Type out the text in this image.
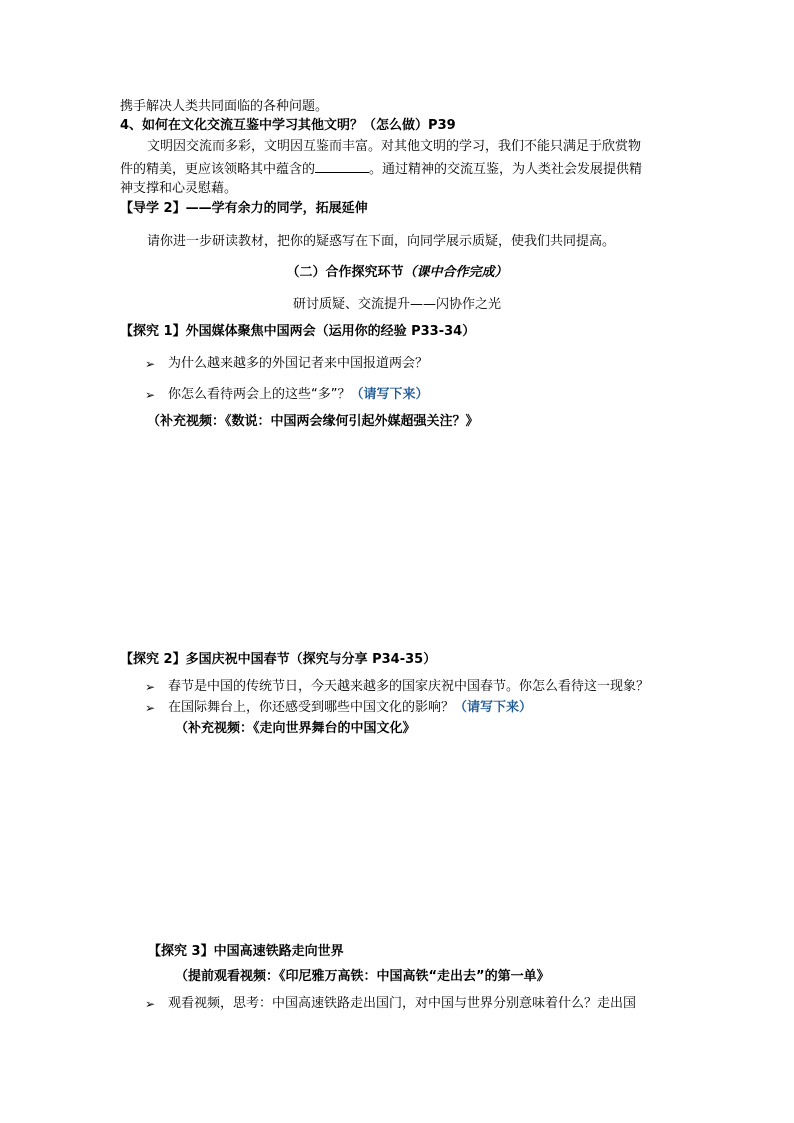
携手解决人类共同面临的各种问题。
4、如何在文化交流互鉴中学习其他文明？（怎么做）P39
文明因交流而多彩，文明因互鉴而丰富。对其他文明的学习，我们不能只满足于欣赏物
件的精美，更应该领略其中蕴含的	。通过精神的交流互鉴，为人类社会发展提供精
神支撑和心灵慰藉。
【导学 2】——学有余力的同学，拓展延伸
请你进一步研读教材，把你的疑惑写在下面，向同学展示质疑，使我们共同提高。
（二）合作探究环节（课中合作完成）
研讨质疑、交流提升——闪协作之光
【探究 1】外国媒体聚焦中国两会（运用你的经验 P33-34）
➢ 为什么越来越多的外国记者来中国报道两会？
➢ 你怎么看待两会上的这些“多”？（请写下来）
（补充视频：《数说：中国两会缘何引起外媒超强关注？》
【探究 2】多国庆祝中国春节（探究与分享 P34-35）
➢ 春节是中国的传统节日，今天越来越多的国家庆祝中国春节。你怎么看待这一现象？
➢ 在国际舞台上，你还感受到哪些中国文化的影响？（请写下来）
（补充视频：《走向世界舞台的中国文化》
【探究 3】中国高速铁路走向世界
（提前观看视频：《印尼雅万高铁：中国高铁“走出去”的第一单》
➢ 观看视频，思考：中国高速铁路走出国门，对中国与世界分别意味着什么？走出国
